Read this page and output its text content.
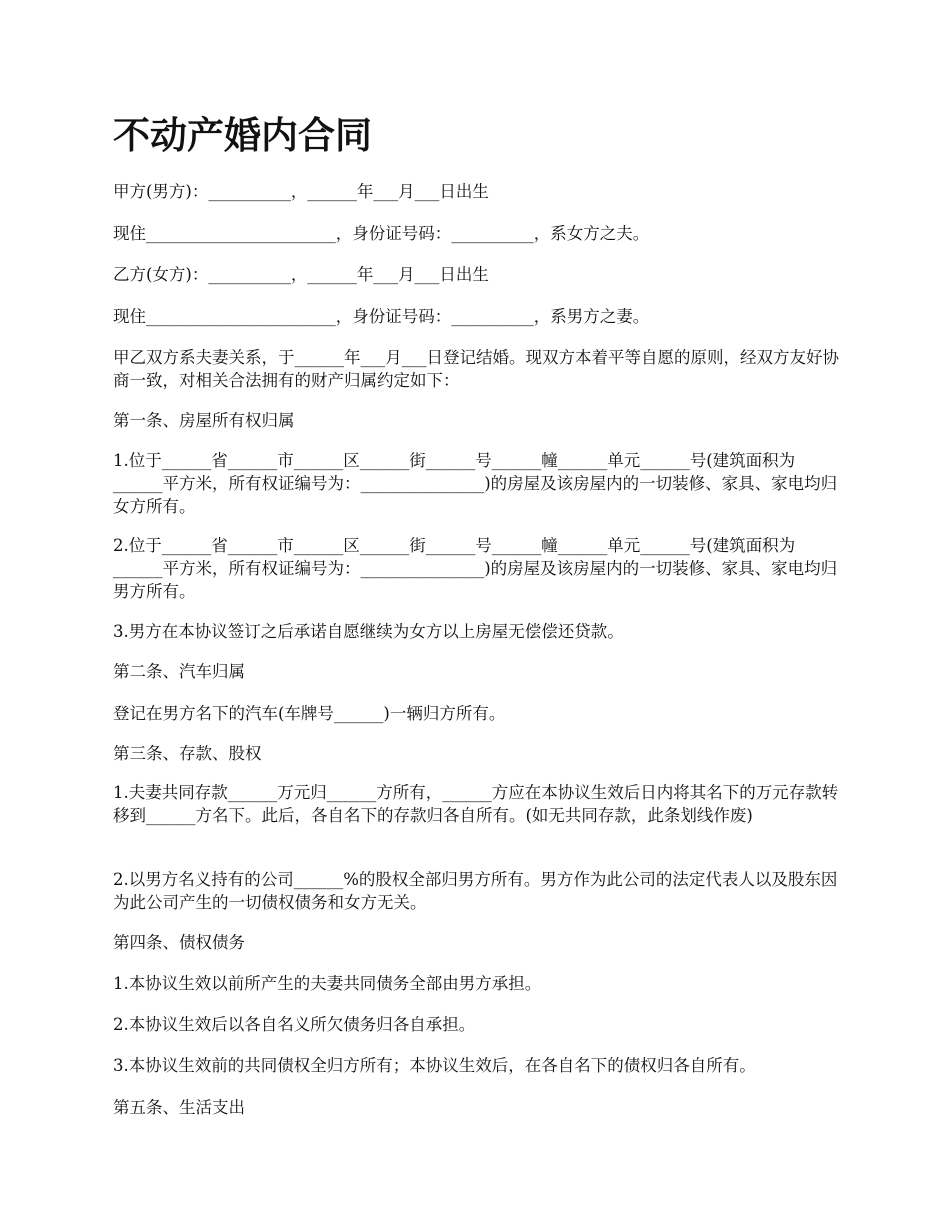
不动产婚内合同

甲方(男方)：__________，______年___月___日出生

现住_______________________，身份证号码：__________，系女方之夫。

乙方(女方)：__________，______年___月___日出生

现住_______________________，身份证号码：__________，系男方之妻。

甲乙双方系夫妻关系，于______年___月___日登记结婚。现双方本着平等自愿的原则，经双方友好协商一致，对相关合法拥有的财产归属约定如下：

第一条、房屋所有权归属

1.位于______省______市______区______街______号______幢______单元______号(建筑面积为______平方米，所有权证编号为：_______________)的房屋及该房屋内的一切装修、家具、家电均归女方所有。

2.位于______省______市______区______街______号______幢______单元______号(建筑面积为______平方米，所有权证编号为：_______________)的房屋及该房屋内的一切装修、家具、家电均归男方所有。

3.男方在本协议签订之后承诺自愿继续为女方以上房屋无偿偿还贷款。

第二条、汽车归属

登记在男方名下的汽车(车牌号______)一辆归方所有。

第三条、存款、股权

1.夫妻共同存款______万元归______方所有，______方应在本协议生效后日内将其名下的万元存款转移到______方名下。此后，各自名下的存款归各自所有。(如无共同存款，此条划线作废)

2.以男方名义持有的公司______%的股权全部归男方所有。男方作为此公司的法定代表人以及股东因为此公司产生的一切债权债务和女方无关。

第四条、债权债务

1.本协议生效以前所产生的夫妻共同债务全部由男方承担。

2.本协议生效后以各自名义所欠债务归各自承担。

3.本协议生效前的共同债权全归方所有；本协议生效后，在各自名下的债权归各自所有。

第五条、生活支出
